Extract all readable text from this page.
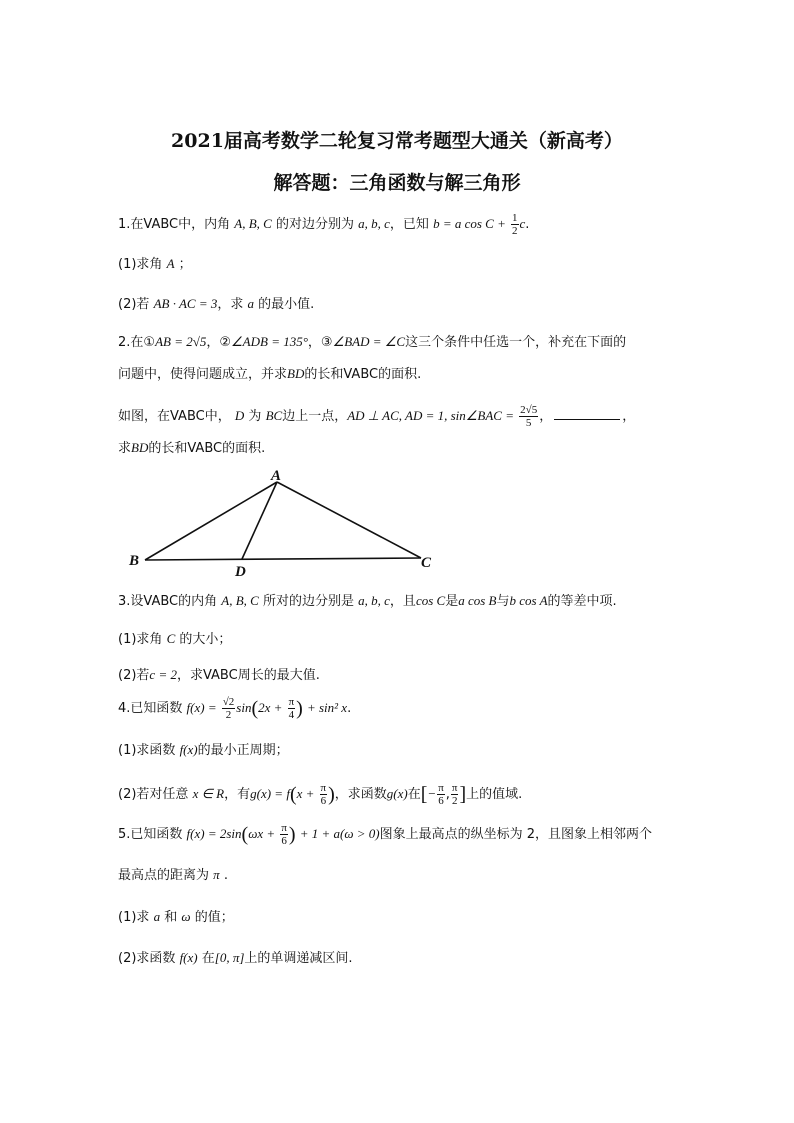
2021届高考数学二轮复习常考题型大通关（新高考）
解答题：三角函数与解三角形
1.在VABC中，内角 A, B, C 的对边分别为 a, b, c，已知 b = a $\cos C + \frac{1}{2} c$.
(1)求角 A ；
(2)若 AB · AC = 3，求 a 的最小值.
2.在①AB = 2√5，②∠ADB = 135°，③∠BAD = ∠C这三个条件中任选一个，补充在下面的
问题中，使得问题成立，并求BD的长和VABC的面积.
如图，在VABC中， D 为 BC边上一点，AD ⊥ AC, AD = 1, sin∠BAC = $\frac{2√5}{5}$ ，	，
求BD的长和VABC的面积.
A
B	C
D
3.设VABC的内角 A, B, C 所对的边分别是 a, b, c，且cos C是a cos B与b cos A的等差中项.
(1)求角 C 的大小；
(2)若c = 2，求VABC周长的最大值.
4.已知函数 $f(x) = \frac{√2}{2} \sin(2x + \frac{\pi}{4}$ ) + sin² x.
(1)求函数 f(x)的最小正周期；
(2)若对任意 x ∈ R，有$g(x) = f(x + \frac{\pi}{6}$ )，求函数g(x)在[− $\frac{\pi}{6}$ , $\frac{\pi}{2}$ ]上的值域.
5.已知函数 $f(x) = 2\sin(\omega x + \frac{\pi}{6}$ ) + 1 + a(ω > 0)图象上最高点的纵坐标为 2，且图象上相邻两个
最高点的距离为 π .
(1)求 a 和 ω 的值；
(2)求函数 f(x) 在[0, π]上的单调递减区间.
